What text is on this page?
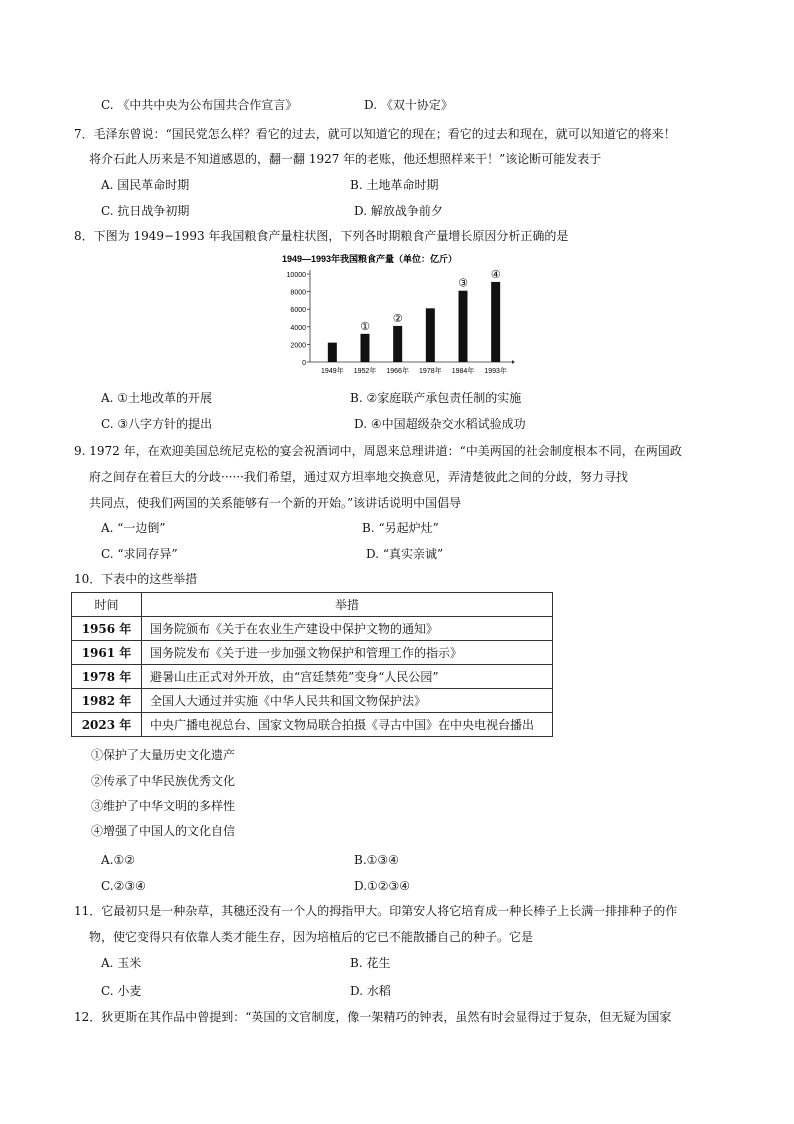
C. 《中共中央为公布国共合作宣言》	D. 《双十协定》
7．毛泽东曾说：“国民党怎么样？看它的过去，就可以知道它的现在；看它的过去和现在，就可以知道它的将来！
将介石此人历来是不知道感恩的，翻一翻 1927 年的老账，他还想照样来干！”该论断可能发表于
A. 国民革命时期	B. 土地革命时期
C. 抗日战争初期	D. 解放战争前夕
8．下图为 1949−1993 年我国粮食产量柱状图，下列各时期粮食产量增长原因分析正确的是
1949—1993年我国粮食产量（单位：亿斤）
0
2000
4000
6000
8000
10000
1949年 1952年
①
1966年
②
1978年 1984年
③
1993年
④
A. ①土地改革的开展	B. ②家庭联产承包责任制的实施
C. ③八字方针的提出	D. ④中国超级杂交水稻试验成功
9. 1972 年，在欢迎美国总统尼克松的宴会祝酒词中，周恩来总理讲道：“中美两国的社会制度根本不同，在两国政
府之间存在着巨大的分歧······我们希望，通过双方坦率地交换意见，弄清楚彼此之间的分歧，努力寻找
共同点，使我们两国的关系能够有一个新的开始。”该讲话说明中国倡导
A. “一边倒”	B. “另起炉灶”
C. “求同存异”	D. “真实亲诚”
10．下表中的这些举措
时间	举措
1956 年	国务院颁布《关于在农业生产建设中保护文物的通知》
1961 年	国务院发布《关于进一步加强文物保护和管理工作的指示》
1978 年	避暑山庄正式对外开放，由“宫廷禁苑”变身“人民公园”
1982 年	全国人大通过并实施《中华人民共和国文物保护法》
2023 年	中央广播电视总台、国家文物局联合拍摄《寻古中国》在中央电视台播出
①保护了大量历史文化遗产
②传承了中华民族优秀文化
③维护了中华文明的多样性
④增强了中国人的文化自信
A.①②	B.①③④
C.②③④	D.①②③④
11．它最初只是一种杂草，其穗还没有一个人的拇指甲大。印第安人将它培育成一种长棒子上长满一排排种子的作
物，使它变得只有依靠人类才能生存，因为培植后的它已不能散播自己的种子。它是
A. 玉米	B. 花生
C. 小麦	D. 水稻
12．狄更斯在其作品中曾提到：“英国的文官制度，像一架精巧的钟表，虽然有时会显得过于复杂，但无疑为国家
